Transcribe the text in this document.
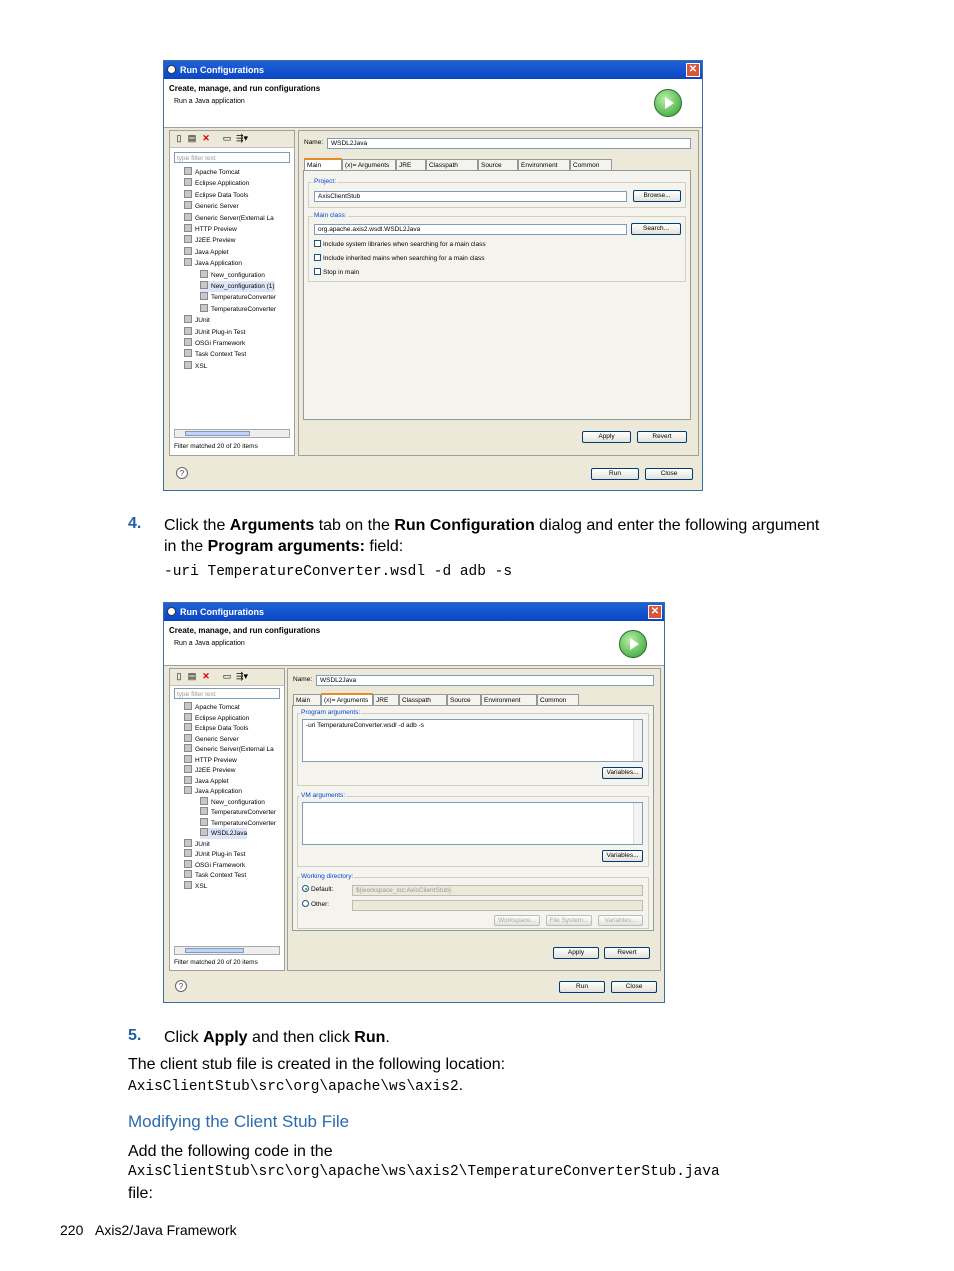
Run Configurations	✕
Create, manage, and run configurations
Run a Java application
▯ ▤ ✕ ▭ ⇶▾
type filter text
Apache Tomcat
Eclipse Application
Eclipse Data Tools
Generic Server
Generic Server(External La
HTTP Preview
J2EE Preview
Java Applet
Java Application
New_configuration
New_configuration (1)
TemperatureConverter
TemperatureConverter
JUnit
JUnit Plug-in Test
OSGi Framework
Task Context Test
XSL
Filter matched 20 of 20 items
Name:	WSDL2Java
Main	(x)= Arguments	JRE	Classpath	Source	Environment	Common
Project:
AxisClientStub	Browse...
Main class:
org.apache.axis2.wsdl.WSDL2Java	Search...
Include system libraries when searching for a main class
Include inherited mains when searching for a main class
Stop in main
Apply	Revert
?	Run	Close
4. Click the Arguments tab on the Run Configuration dialog and enter the following argument
in the Program arguments: field:
-uri TemperatureConverter.wsdl -d adb -s
Run Configurations	✕
Create, manage, and run configurations
Run a Java application
▯ ▤ ✕ ▭ ⇶▾
type filter text
Apache Tomcat
Eclipse Application
Eclipse Data Tools
Generic Server
Generic Server(External La
HTTP Preview
J2EE Preview
Java Applet
Java Application
New_configuration
TemperatureConverter
TemperatureConverter
WSDL2Java
JUnit
JUnit Plug-in Test
OSGi Framework
Task Context Test
XSL
Filter matched 20 of 20 items
Name:	WSDL2Java
Main	(x)= Arguments	JRE	Classpath	Source	Environment	Common
Program arguments:
-uri TemperatureConverter.wsdl -d adb -s
Variables...
VM arguments:
Variables...
Working directory:
Default:	${workspace_loc:AxisClientStub}
Other:
Workspace...	File System...	Variables...
Apply	Revert
?	Run	Close
5. Click Apply and then click Run.
The client stub file is created in the following location:
AxisClientStub\src\org\apache\ws\axis2.
Modifying the Client Stub File
Add the following code in the
AxisClientStub\src\org\apache\ws\axis2\TemperatureConverterStub.java
file:
220 Axis2/Java Framework
